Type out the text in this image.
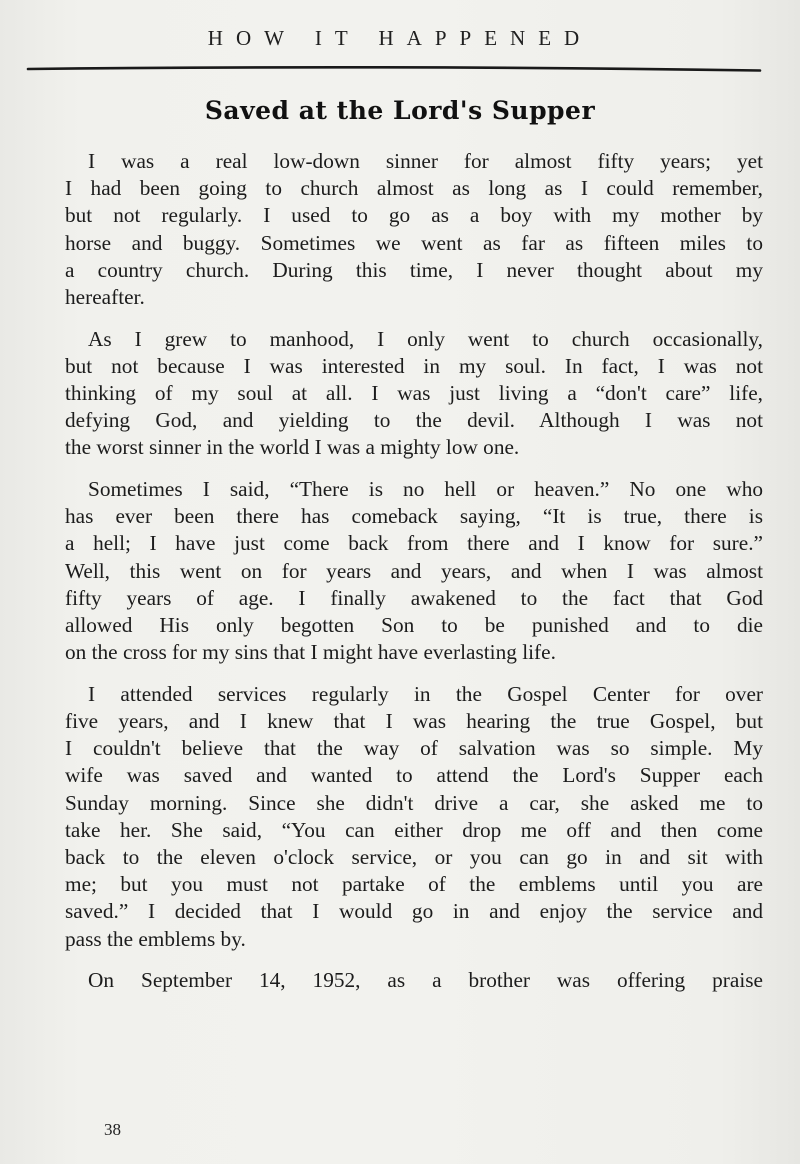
HOW IT HAPPENED
Saved at the Lord's Supper
I was a real low-down sinner for almost fifty years; yet
I had been going to church almost as long as I could remember,
but not regularly. I used to go as a boy with my mother by
horse and buggy. Sometimes we went as far as fifteen miles to
a country church. During this time, I never thought about my
hereafter.
As I grew to manhood, I only went to church occasionally,
but not because I was interested in my soul. In fact, I was not
thinking of my soul at all. I was just living a “don't care” life,
defying God, and yielding to the devil. Although I was not
the worst sinner in the world I was a mighty low one.
Sometimes I said, “There is no hell or heaven.” No one who
has ever been there has comeback saying, “It is true, there is
a hell; I have just come back from there and I know for sure.”
Well, this went on for years and years, and when I was almost
fifty years of age. I finally awakened to the fact that God
allowed His only begotten Son to be punished and to die
on the cross for my sins that I might have everlasting life.
I attended services regularly in the Gospel Center for over
five years, and I knew that I was hearing the true Gospel, but
I couldn't believe that the way of salvation was so simple. My
wife was saved and wanted to attend the Lord's Supper each
Sunday morning. Since she didn't drive a car, she asked me to
take her. She said, “You can either drop me off and then come
back to the eleven o'clock service, or you can go in and sit with
me; but you must not partake of the emblems until you are
saved.” I decided that I would go in and enjoy the service and
pass the emblems by.
On September 14, 1952, as a brother was offering praise
38
